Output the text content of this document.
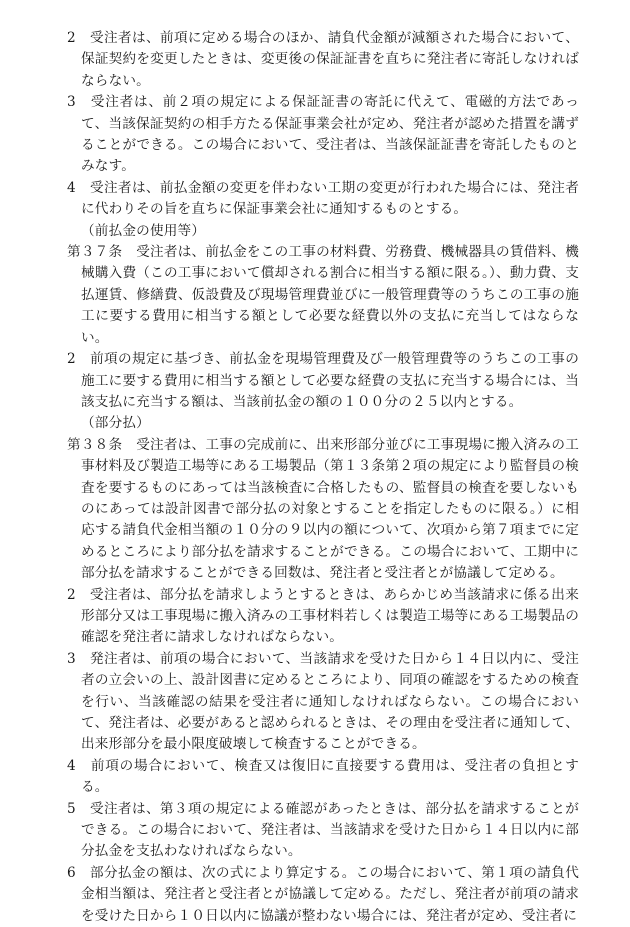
2　 受注者は、前項に定める場合のほか、請負代金額が減額された場合において、保証契約を変更したときは、変更後の保証証書を直ちに発注者に寄託しなければならない。

3　 受注者は、前２項の規定による保証証書の寄託に代えて、電磁的方法であって、当該保証契約の相手方たる保証事業会社が定め、発注者が認めた措置を講ずることができる。この場合において、受注者は、当該保証証書を寄託したものとみなす。

4　 受注者は、前払金額の変更を伴わない工期の変更が行われた場合には、発注者に代わりその旨を直ちに保証事業会社に通知するものとする。

（前払金の使用等）

第３７条　 受注者は、前払金をこの工事の材料費、労務費、機械器具の賃借料、機械購入費（この工事において償却される割合に相当する額に限る。）、動力費、支払運賃、修繕費、仮設費及び現場管理費並びに一般管理費等のうちこの工事の施工に要する費用に相当する額として必要な経費以外の支払に充当してはならない。

2　 前項の規定に基づき、前払金を現場管理費及び一般管理費等のうちこの工事の施工に要する費用に相当する額として必要な経費の支払に充当する場合には、当該支払に充当する額は、当該前払金の額の１００分の２５以内とする。

（部分払）

第３８条　 受注者は、工事の完成前に、出来形部分並びに工事現場に搬入済みの工事材料及び製造工場等にある工場製品（第１３条第２項の規定により監督員の検査を要するものにあっては当該検査に合格したもの、監督員の検査を要しないものにあっては設計図書で部分払の対象とすることを指定したものに限る。）に相応する請負代金相当額の１０分の９以内の額について、次項から第７項までに定めるところにより部分払を請求することができる。この場合において、工期中に部分払を請求することができる回数は、発注者と受注者とが協議して定める。

2　 受注者は、部分払を請求しようとするときは、あらかじめ当該請求に係る出来形部分又は工事現場に搬入済みの工事材料若しくは製造工場等にある工場製品の確認を発注者に請求しなければならない。

3　 発注者は、前項の場合において、当該請求を受けた日から１４日以内に、受注者の立会いの上、設計図書に定めるところにより、同項の確認をするための検査を行い、当該確認の結果を受注者に通知しなければならない。この場合において、発注者は、必要があると認められるときは、その理由を受注者に通知して、出来形部分を最小限度破壊して検査することができる。

4　 前項の場合において、検査又は復旧に直接要する費用は、受注者の負担とする。

5　 受注者は、第３項の規定による確認があったときは、部分払を請求することができる。この場合において、発注者は、当該請求を受けた日から１４日以内に部分払金を支払わなければならない。

6　 部分払金の額は、次の式により算定する。この場合において、第１項の請負代金相当額は、発注者と受注者とが協議して定める。ただし、発注者が前項の請求を受けた日から１０日以内に協議が整わない場合には、発注者が定め、受注者に
